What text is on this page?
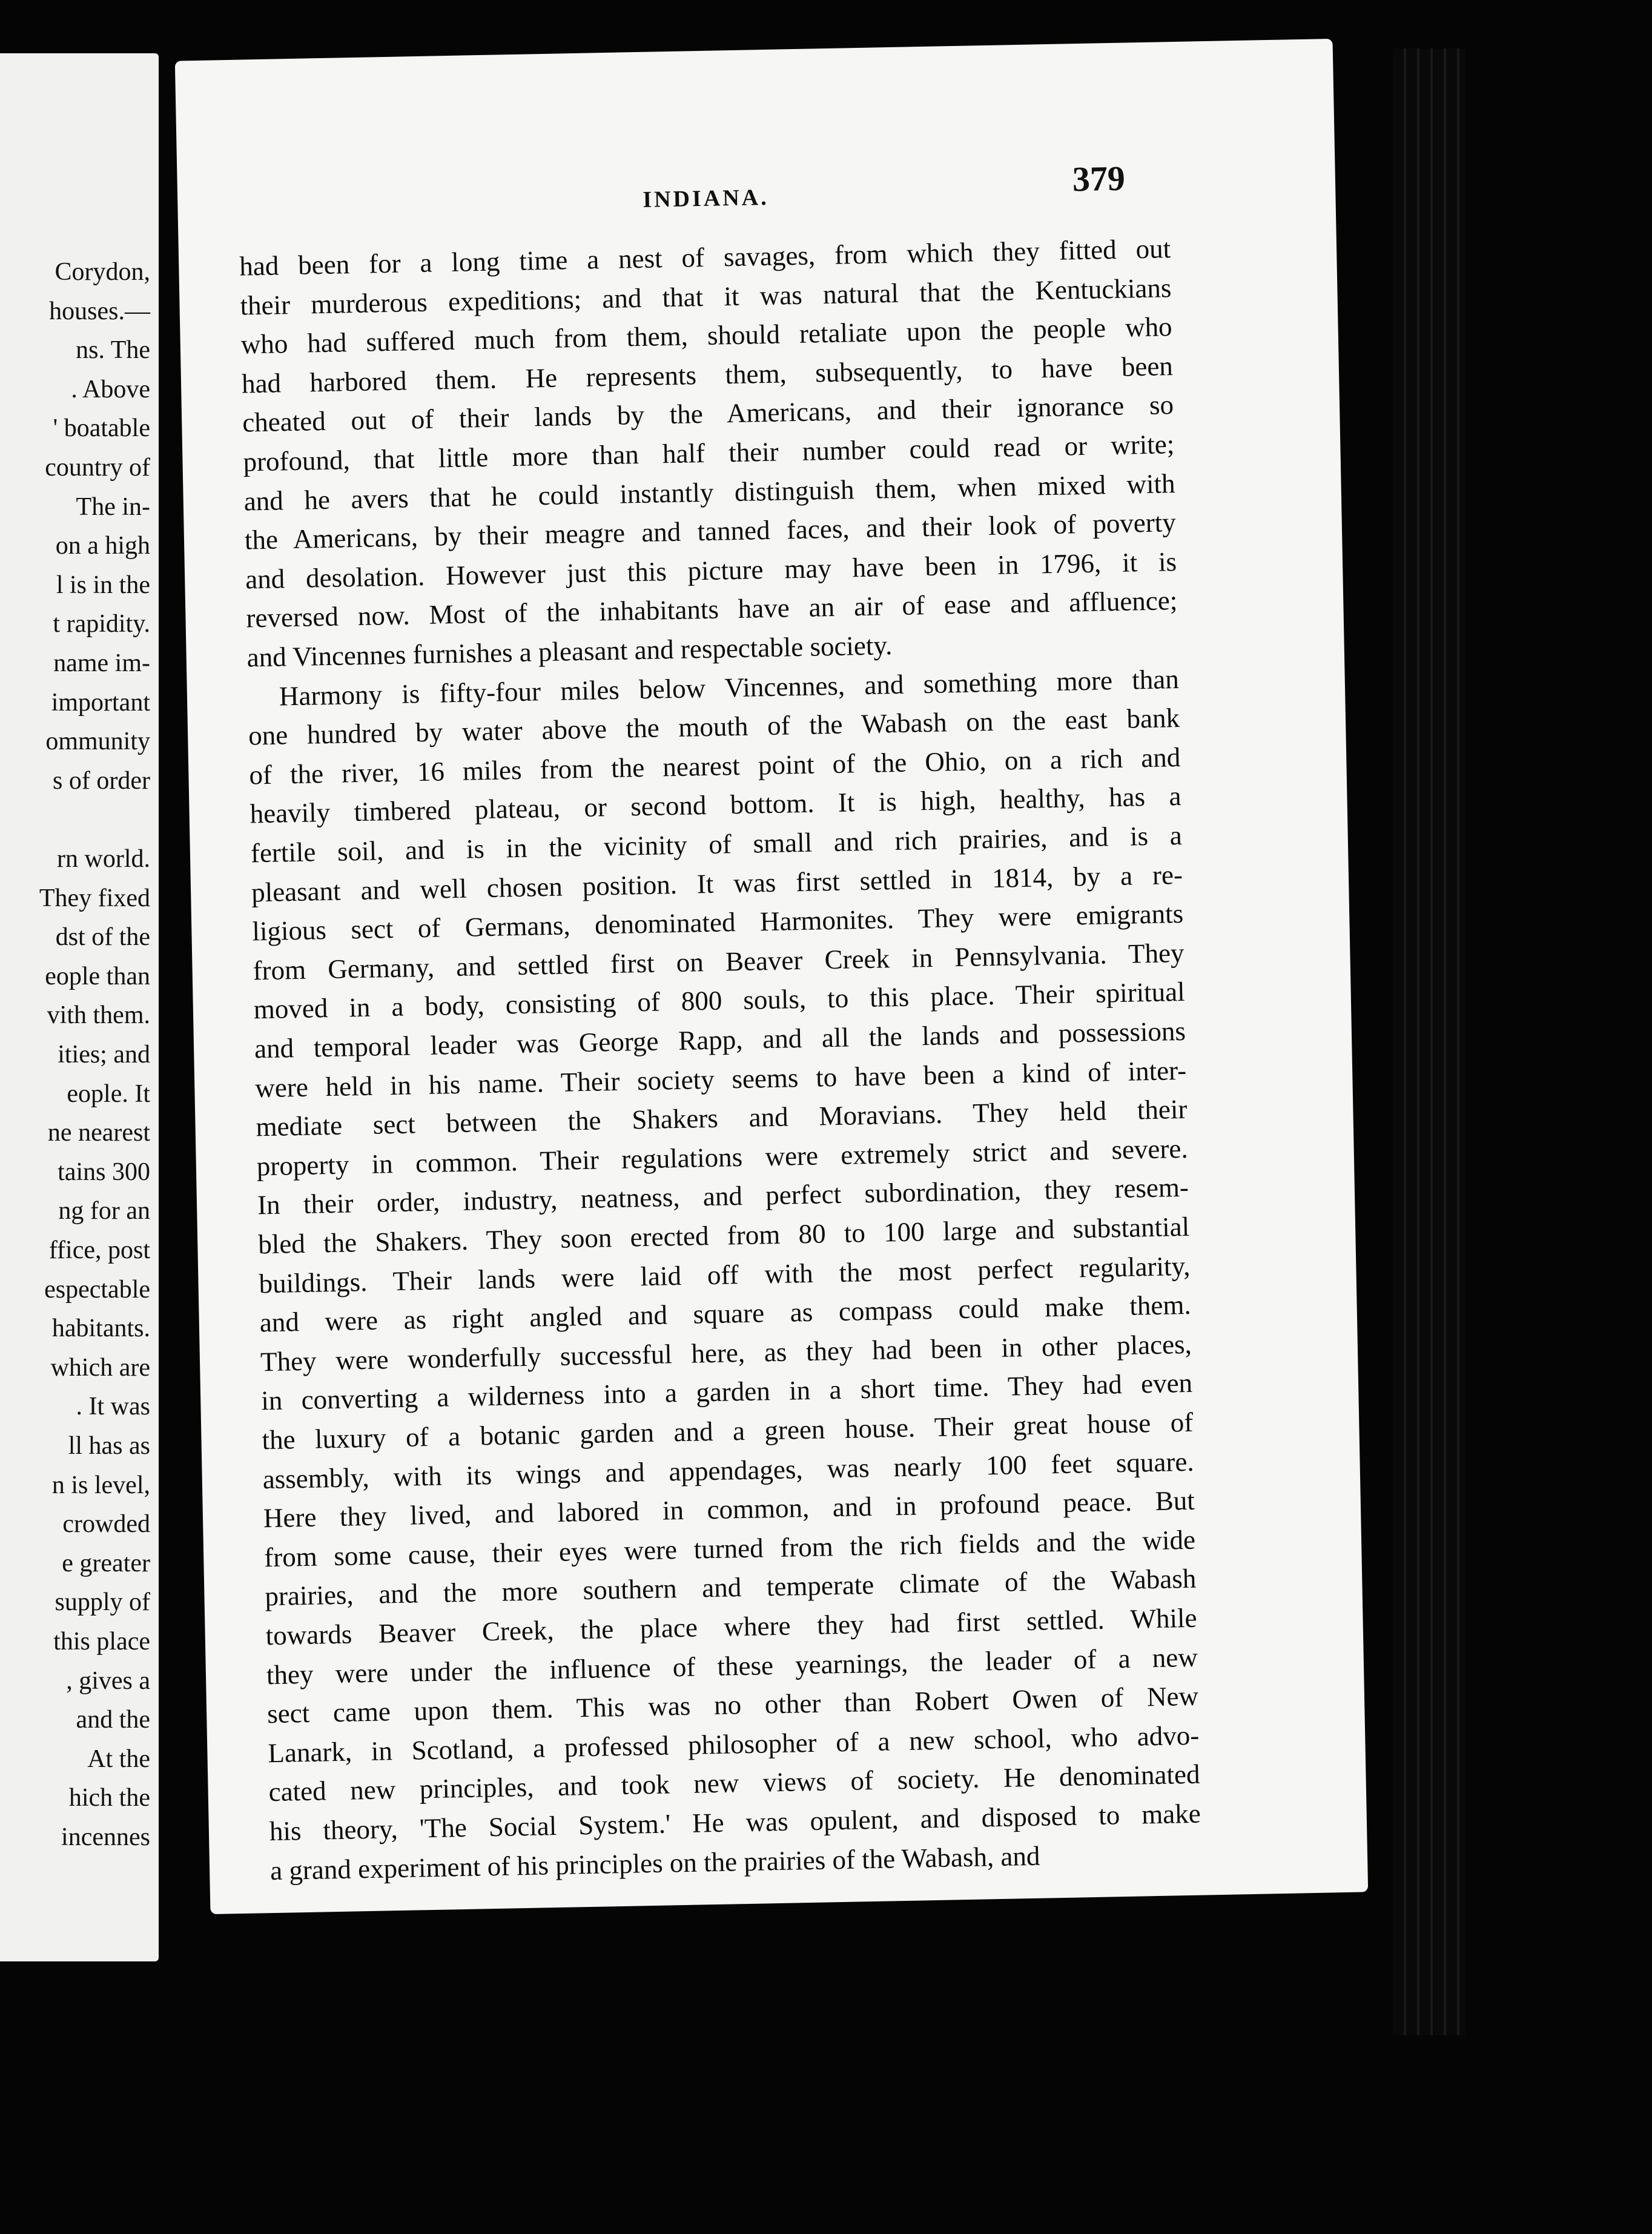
Corydon,
houses.—
ns. The
. Above
' boatable
country of
The in-
on a high
l is in the
t rapidity.
name im-
important
ommunity
s of order
rn world.
They fixed
dst of the
eople than
vith them.
ities; and
eople. It
ne nearest
tains 300
ng for an
ffice, post
espectable
habitants.
which are
. It was
ll has as
n is level,
crowded
e greater
supply of
this place
, gives a
and the
At the
hich the
incennes
INDIANA.	379
had been for a long time a nest of savages, from which they fitted out
their murderous expeditions; and that it was natural that the Kentuckians
who had suffered much from them, should retaliate upon the people who
had harbored them. He represents them, subsequently, to have been
cheated out of their lands by the Americans, and their ignorance so
profound, that little more than half their number could read or write;
and he avers that he could instantly distinguish them, when mixed with
the Americans, by their meagre and tanned faces, and their look of poverty
and desolation. However just this picture may have been in 1796, it is
reversed now. Most of the inhabitants have an air of ease and affluence;
and Vincennes furnishes a pleasant and respectable society.
Harmony is fifty-four miles below Vincennes, and something more than
one hundred by water above the mouth of the Wabash on the east bank
of the river, 16 miles from the nearest point of the Ohio, on a rich and
heavily timbered plateau, or second bottom. It is high, healthy, has a
fertile soil, and is in the vicinity of small and rich prairies, and is a
pleasant and well chosen position. It was first settled in 1814, by a re-
ligious sect of Germans, denominated Harmonites. They were emigrants
from Germany, and settled first on Beaver Creek in Pennsylvania. They
moved in a body, consisting of 800 souls, to this place. Their spiritual
and temporal leader was George Rapp, and all the lands and possessions
were held in his name. Their society seems to have been a kind of inter-
mediate sect between the Shakers and Moravians. They held their
property in common. Their regulations were extremely strict and severe.
In their order, industry, neatness, and perfect subordination, they resem-
bled the Shakers. They soon erected from 80 to 100 large and substantial
buildings. Their lands were laid off with the most perfect regularity,
and were as right angled and square as compass could make them.
They were wonderfully successful here, as they had been in other places,
in converting a wilderness into a garden in a short time. They had even
the luxury of a botanic garden and a green house. Their great house of
assembly, with its wings and appendages, was nearly 100 feet square.
Here they lived, and labored in common, and in profound peace. But
from some cause, their eyes were turned from the rich fields and the wide
prairies, and the more southern and temperate climate of the Wabash
towards Beaver Creek, the place where they had first settled. While
they were under the influence of these yearnings, the leader of a new
sect came upon them. This was no other than Robert Owen of New
Lanark, in Scotland, a professed philosopher of a new school, who advo-
cated new principles, and took new views of society. He denominated
his theory, 'The Social System.' He was opulent, and disposed to make
a grand experiment of his principles on the prairies of the Wabash, and
